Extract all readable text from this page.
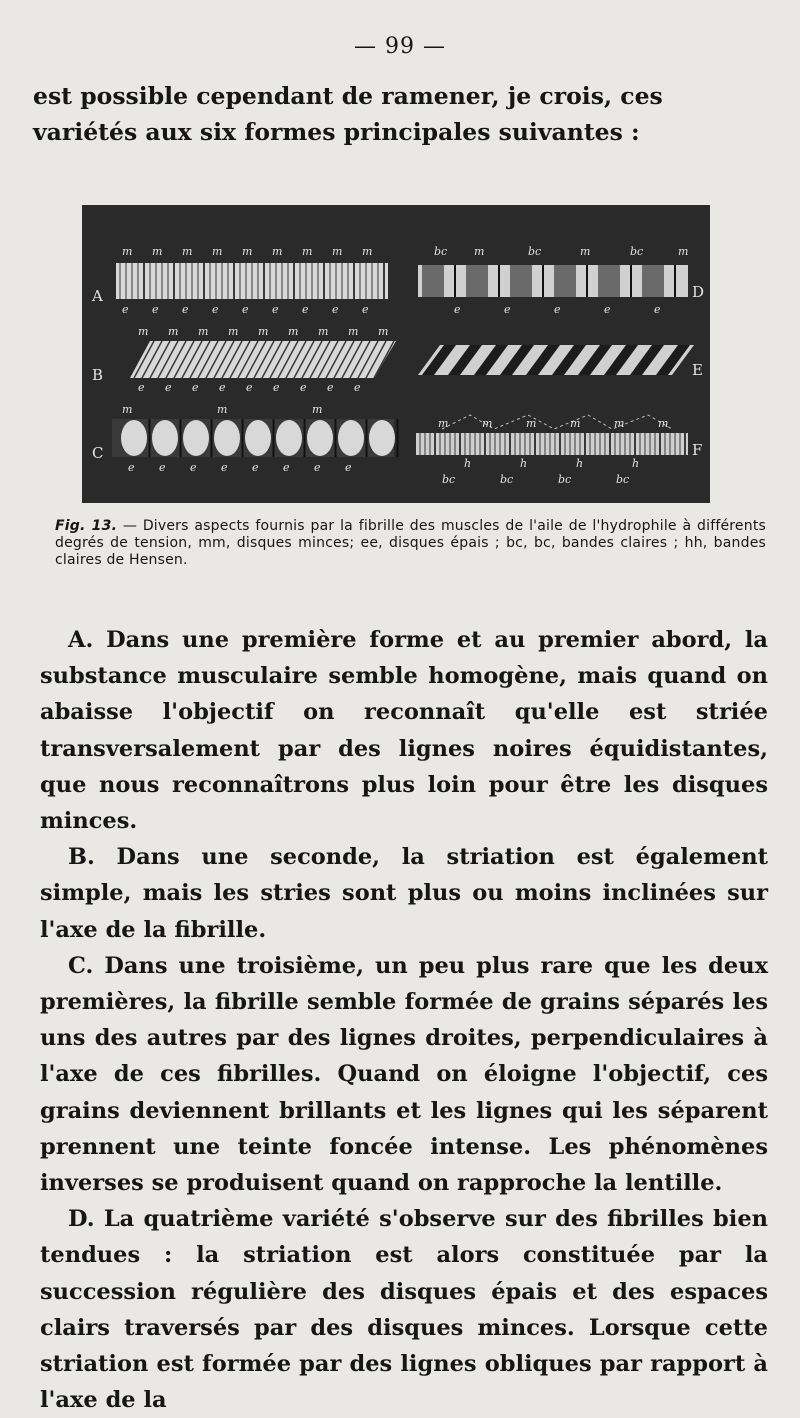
— 99 —
est possible cependant de ramener, je crois, ces variétés aux six formes principales suivantes :
A
B
C
D
E
F
m m m m m m m m m
e e e e e e e e e
m m m m m m m m m
e e e e e e e e e
m	m	m
e e e e e e e e
bc m	bc	m	bc	m
e	e	e	e	e
m	m	m	m	m	m
h	h	h	h
bc	bc	bc	bc
Fig. 13. — Divers aspects fournis par la fibrille des muscles de l'aile de l'hydrophile à différents degrés de tension, mm, disques minces; ee, disques épais ; bc, bc, bandes claires ; hh, bandes claires de Hensen.

A. Dans une première forme et au premier abord, la substance musculaire semble homogène, mais quand on abaisse l'objectif on reconnaît qu'elle est striée transversalement par des lignes noires équidistantes, que nous reconnaîtrons plus loin pour être les disques minces.

B. Dans une seconde, la striation est également simple, mais les stries sont plus ou moins inclinées sur l'axe de la fibrille.

C. Dans une troisième, un peu plus rare que les deux premières, la fibrille semble formée de grains séparés les uns des autres par des lignes droites, perpendiculaires à l'axe de ces fibrilles. Quand on éloigne l'objectif, ces grains deviennent brillants et les lignes qui les séparent prennent une teinte foncée intense. Les phénomènes inverses se produisent quand on rapproche la lentille.

D. La quatrième variété s'observe sur des fibrilles bien tendues : la striation est alors constituée par la succession régulière des disques épais et des espaces clairs traversés par des disques minces. Lorsque cette striation est formée par des lignes obliques par rapport à l'axe de la
